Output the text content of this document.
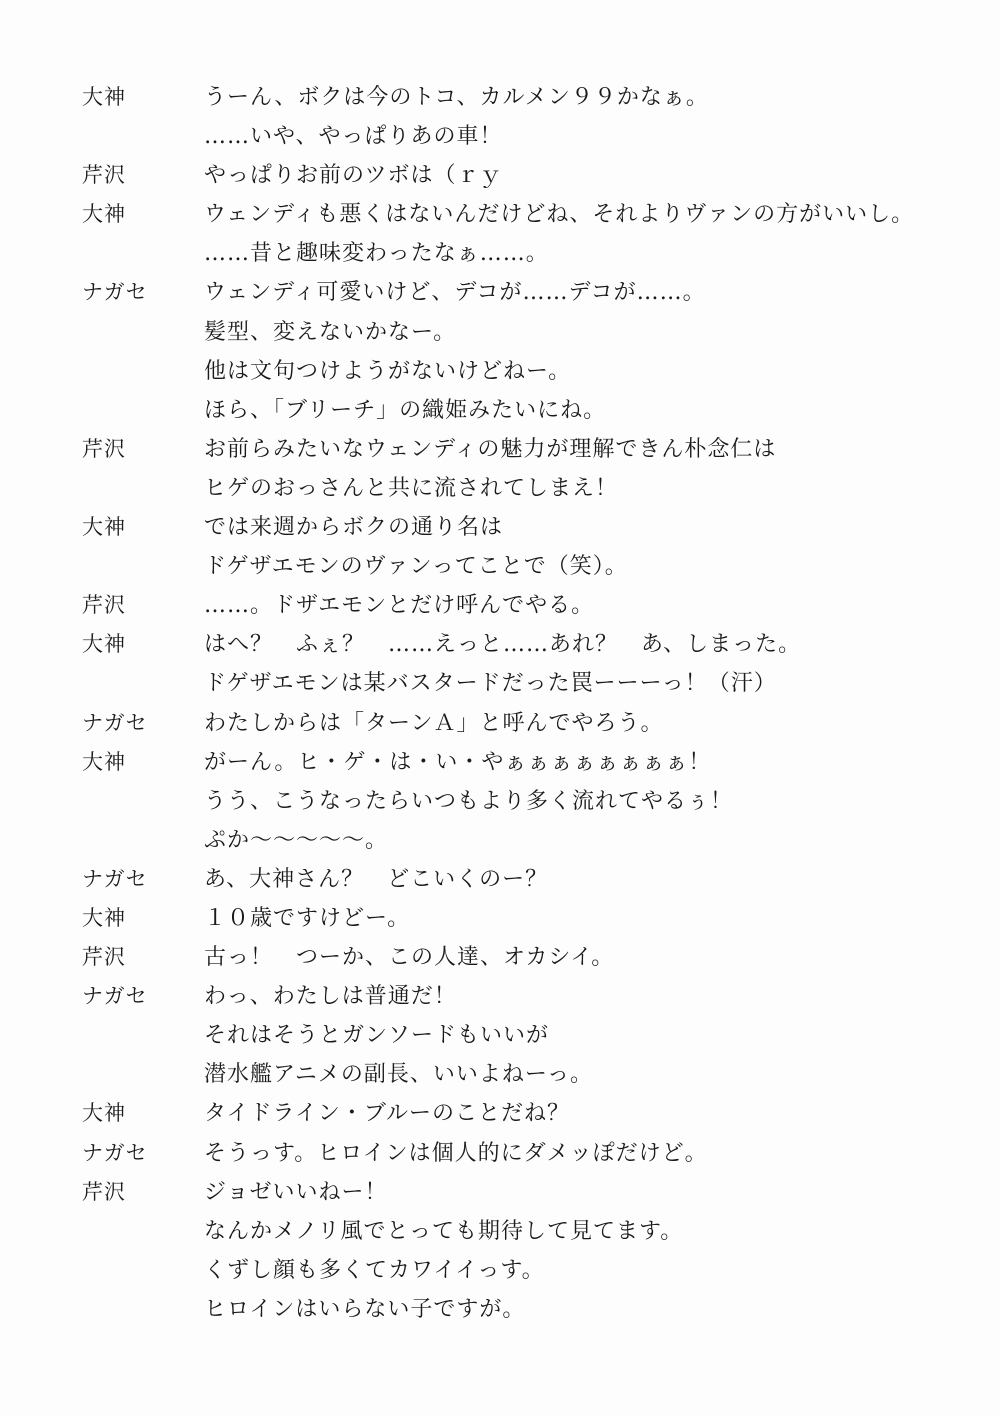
大神	うーん、ボクは今のトコ、カルメン９９かなぁ。
……いや、やっぱりあの車！
芹沢	やっぱりお前のツボは（ｒｙ
大神	ウェンディも悪くはないんだけどね、それよりヴァンの方がいいし。
……昔と趣味変わったなぁ……。
ナガセ	ウェンディ可愛いけど、デコが……デコが……。
髪型、変えないかなー。
他は文句つけようがないけどねー。
ほら、「ブリーチ」の織姫みたいにね。
芹沢	お前らみたいなウェンディの魅力が理解できん朴念仁は
ヒゲのおっさんと共に流されてしまえ！
大神	では来週からボクの通り名は
ドゲザエモンのヴァンってことで（笑）。
芹沢	……。ドザエモンとだけ呼んでやる。
大神	はへ？　ふぇ？　……えっと……あれ？　あ、しまった。
ドゲザエモンは某バスタードだった罠ーーーっ！（汗）
ナガセ	わたしからは「ターンＡ」と呼んでやろう。
大神	がーん。ヒ・ゲ・は・い・やぁぁぁぁぁぁぁぁ！
うう、こうなったらいつもより多く流れてやるぅ！
ぷか～～～～～。
ナガセ	あ、大神さん？　どこいくのー？
大神	１０歳ですけどー。
芹沢	古っ！　つーか、この人達、オカシイ。
ナガセ	わっ、わたしは普通だ！
それはそうとガンソードもいいが
潜水艦アニメの副長、いいよねーっ。
大神	タイドライン・ブルーのことだね？
ナガセ	そうっす。ヒロインは個人的にダメッぽだけど。
芹沢	ジョゼいいねー！
なんかメノリ風でとっても期待して見てます。
くずし顔も多くてカワイイっす。
ヒロインはいらない子ですが。
